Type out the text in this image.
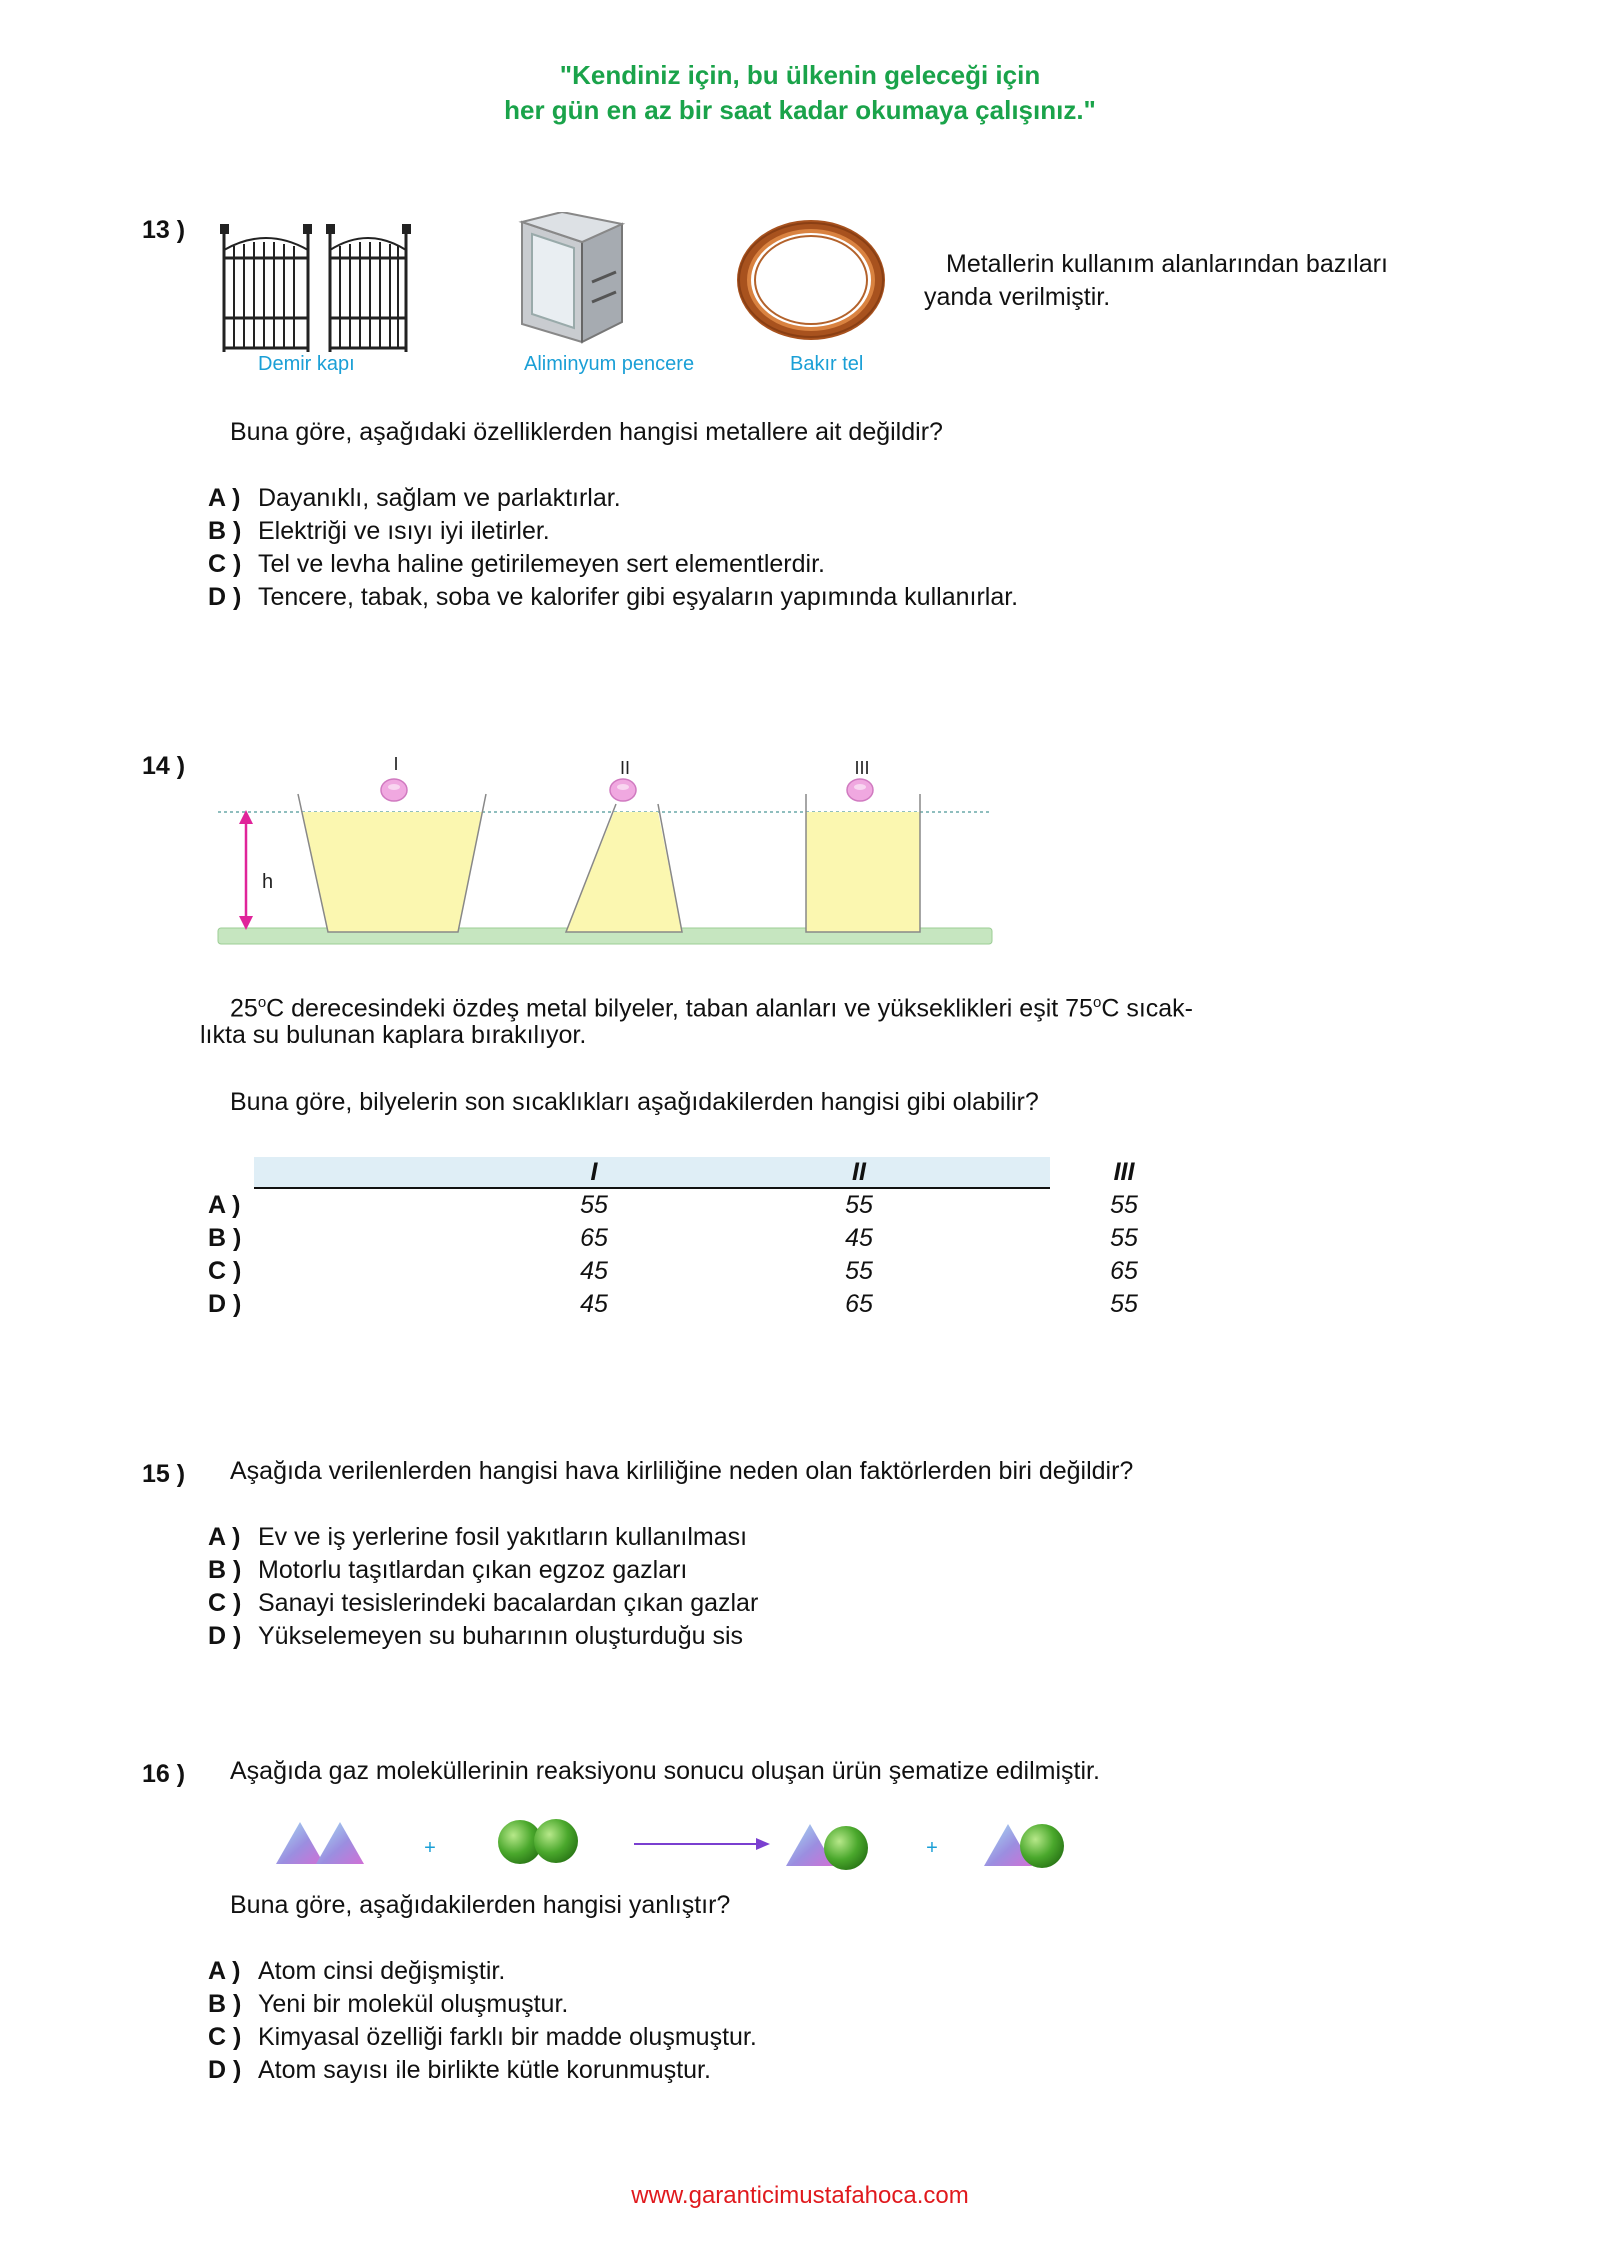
"Kendiniz için, bu ülkenin geleceği için
her gün en az bir saat kadar okumaya çalışınız."
13 )
Demir kapı	Aliminyum pencere	Bakır tel
Metallerin kullanım alanlarından bazıları
yanda verilmiştir.
Buna göre, aşağıdaki özelliklerden hangisi metallere ait değildir?
A ) Dayanıklı, sağlam ve parlaktırlar.
B ) Elektriği ve ısıyı iyi iletirler.
C ) Tel ve levha haline getirilemeyen sert elementlerdir.
D ) Tencere, tabak, soba ve kalorifer gibi eşyaların yapımında kullanırlar.
14 )	I	II	III
h
25$^o$C derecesindeki özdeş metal bilyeler, taban alanları ve yükseklikleri eşit 75$^o$C sıcak-
lıkta su bulunan kaplara bırakılıyor.
Buna göre, bilyelerin son sıcaklıkları aşağıdakilerden hangisi gibi olabilir?
I	II	III
A )	55	55	55
B )	65	45	55
C )	45	55	65
D )	45	65	55
15 ) Aşağıda verilenlerden hangisi hava kirliliğine neden olan faktörlerden biri değildir?
A ) Ev ve iş yerlerine fosil yakıtların kullanılması
B ) Motorlu taşıtlardan çıkan egzoz gazları
C ) Sanayi tesislerindeki bacalardan çıkan gazlar
D ) Yükselemeyen su buharının oluşturduğu sis
16 ) Aşağıda gaz moleküllerinin reaksiyonu sonucu oluşan ürün şematize edilmiştir.
+	+
Buna göre, aşağıdakilerden hangisi yanlıştır?
A ) Atom cinsi değişmiştir.
B ) Yeni bir molekül oluşmuştur.
C ) Kimyasal özelliği farklı bir madde oluşmuştur.
D ) Atom sayısı ile birlikte kütle korunmuştur.
www.garanticimustafahoca.com
